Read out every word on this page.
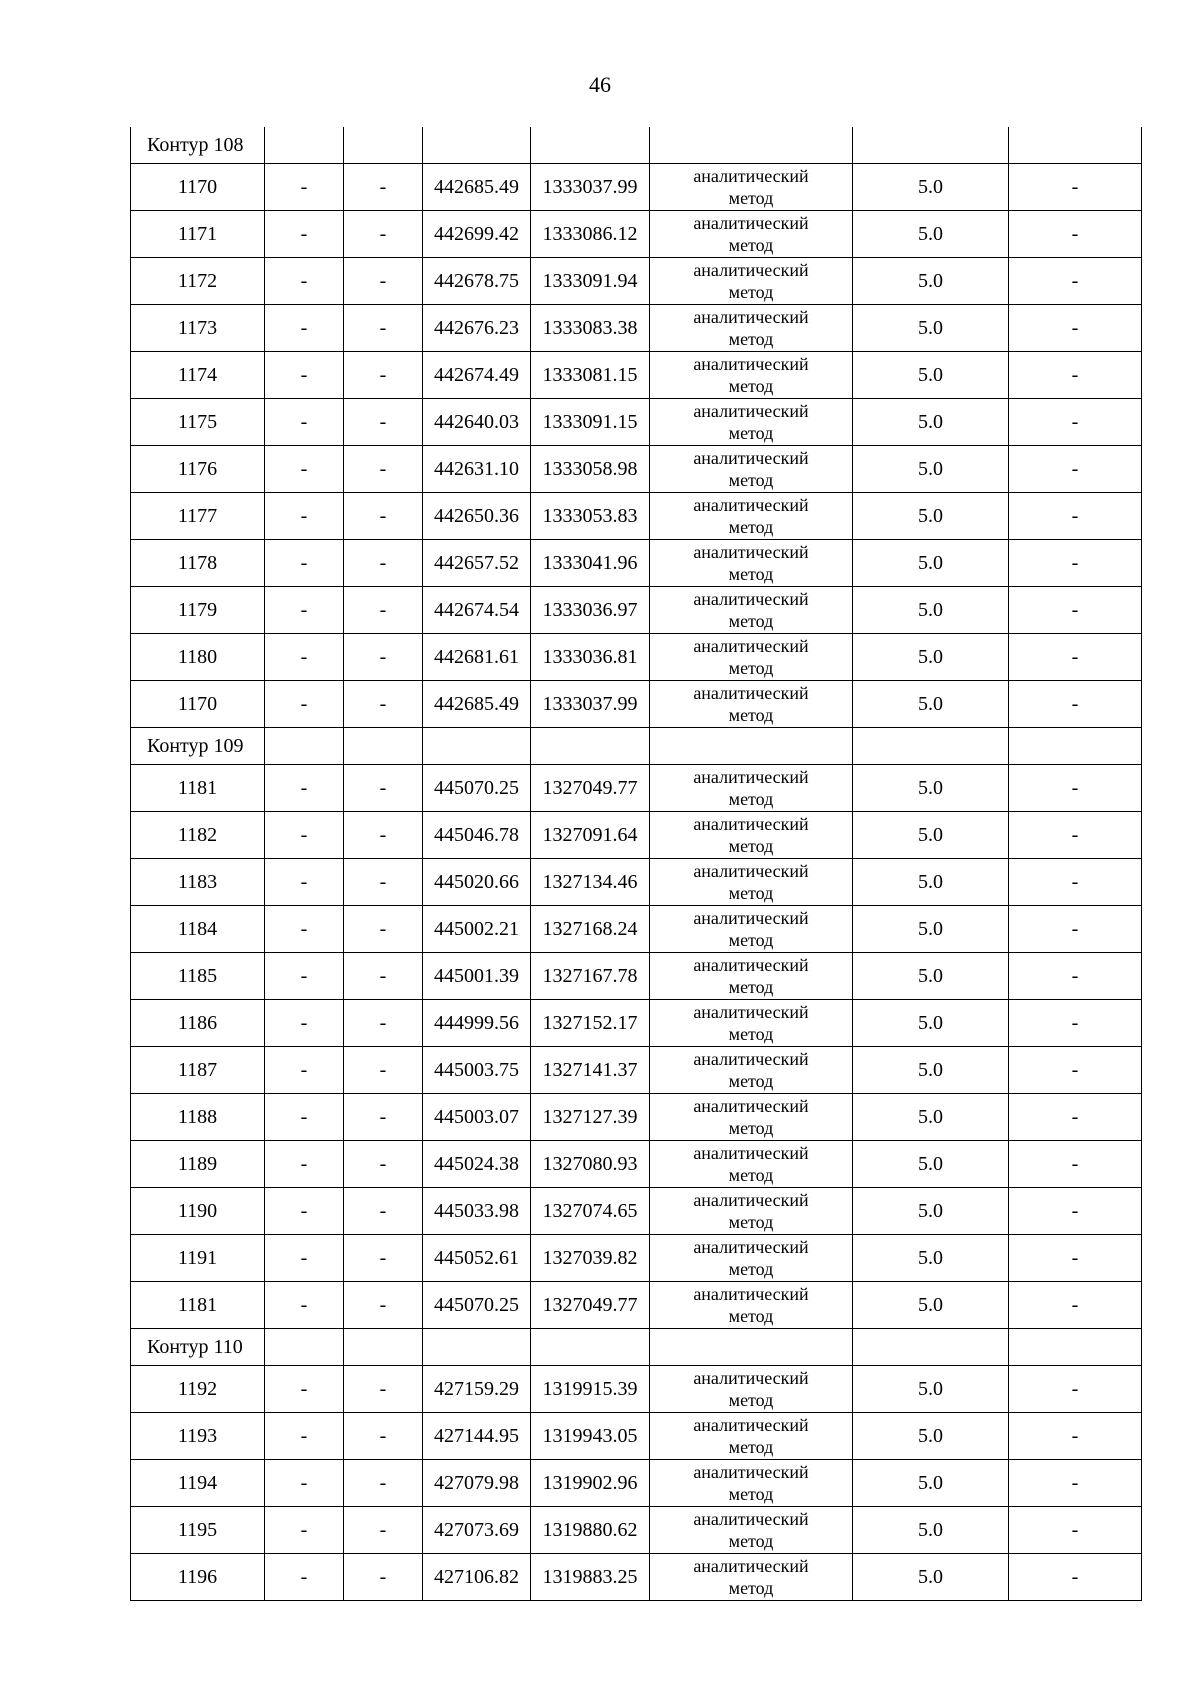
46
Контур 108							
1170	-	-	442685.49	1333037.99	аналитический
метод	5.0	-
1171	-	-	442699.42	1333086.12	аналитический
метод	5.0	-
1172	-	-	442678.75	1333091.94	аналитический
метод	5.0	-
1173	-	-	442676.23	1333083.38	аналитический
метод	5.0	-
1174	-	-	442674.49	1333081.15	аналитический
метод	5.0	-
1175	-	-	442640.03	1333091.15	аналитический
метод	5.0	-
1176	-	-	442631.10	1333058.98	аналитический
метод	5.0	-
1177	-	-	442650.36	1333053.83	аналитический
метод	5.0	-
1178	-	-	442657.52	1333041.96	аналитический
метод	5.0	-
1179	-	-	442674.54	1333036.97	аналитический
метод	5.0	-
1180	-	-	442681.61	1333036.81	аналитический
метод	5.0	-
1170	-	-	442685.49	1333037.99	аналитический
метод	5.0	-
Контур 109							
1181	-	-	445070.25	1327049.77	аналитический
метод	5.0	-
1182	-	-	445046.78	1327091.64	аналитический
метод	5.0	-
1183	-	-	445020.66	1327134.46	аналитический
метод	5.0	-
1184	-	-	445002.21	1327168.24	аналитический
метод	5.0	-
1185	-	-	445001.39	1327167.78	аналитический
метод	5.0	-
1186	-	-	444999.56	1327152.17	аналитический
метод	5.0	-
1187	-	-	445003.75	1327141.37	аналитический
метод	5.0	-
1188	-	-	445003.07	1327127.39	аналитический
метод	5.0	-
1189	-	-	445024.38	1327080.93	аналитический
метод	5.0	-
1190	-	-	445033.98	1327074.65	аналитический
метод	5.0	-
1191	-	-	445052.61	1327039.82	аналитический
метод	5.0	-
1181	-	-	445070.25	1327049.77	аналитический
метод	5.0	-
Контур 110							
1192	-	-	427159.29	1319915.39	аналитический
метод	5.0	-
1193	-	-	427144.95	1319943.05	аналитический
метод	5.0	-
1194	-	-	427079.98	1319902.96	аналитический
метод	5.0	-
1195	-	-	427073.69	1319880.62	аналитический
метод	5.0	-
1196	-	-	427106.82	1319883.25	аналитический
метод	5.0	-
